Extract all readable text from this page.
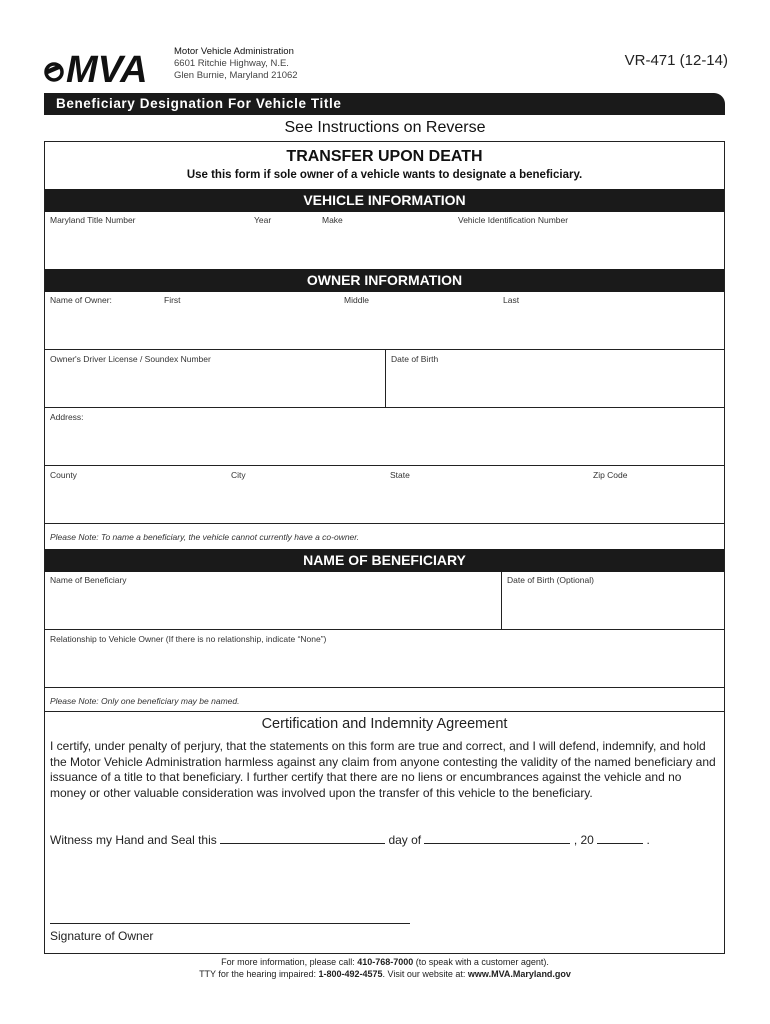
MVA	Motor Vehicle Administration
6601 Ritchie Highway, N.E.
Glen Burnie, Maryland 21062
VR-471 (12-14)
Beneficiary Designation For Vehicle Title
See Instructions on Reverse
TRANSFER UPON DEATH
Use this form if sole owner of a vehicle wants to designate a beneficiary.
VEHICLE INFORMATION
Maryland Title Number	Year	Make	Vehicle Identification Number
OWNER INFORMATION
Name of Owner:	First	Middle	Last
Owner's Driver License / Soundex Number	Date of Birth
Address:
County	City	State	Zip Code
Please Note: To name a beneficiary, the vehicle cannot currently have a co-owner.
NAME OF BENEFICIARY
Name of Beneficiary	Date of Birth (Optional)
Relationship to Vehicle Owner (If there is no relationship, indicate “None”)
Please Note: Only one beneficiary may be named.
Certification and Indemnity Agreement
I certify, under penalty of perjury, that the statements on this form are true and correct, and I will defend, indemnify, and hold the Motor Vehicle Administration harmless against any claim from anyone contesting the validity of the named beneficiary and issuance of a title to that beneficiary. I further certify that there are no liens or encumbrances against the vehicle and no money or other valuable consideration was involved upon the transfer of this vehicle to the beneficiary.
Witness my Hand and Seal this	day of	, 20	.
Signature of Owner
For more information, please call: 410-768-7000 (to speak with a customer agent).
TTY for the hearing impaired: 1-800-492-4575. Visit our website at: www.MVA.Maryland.gov
